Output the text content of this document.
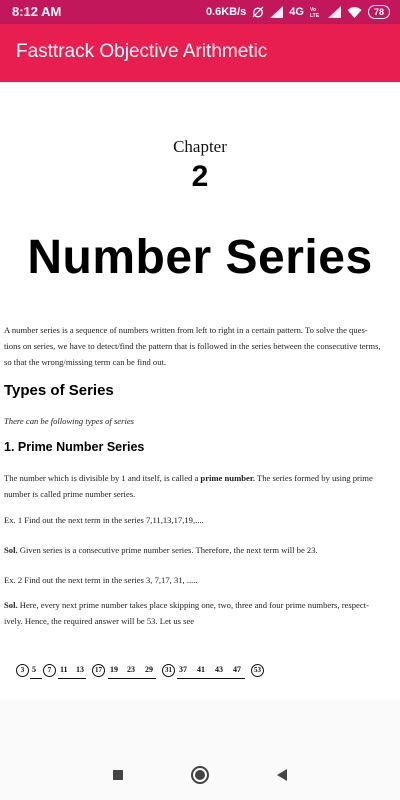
8:12 AM	0.6KB/s	4G Vo
LTE	78
Fasttrack Objective Arithmetic
Chapter
2
Number Series
A number series is a sequence of numbers written from left to right in a certain pattern. To solve the ques-
tions on series, we have to detect/find the pattern that is followed in the series between the consecutive terms,
so that the wrong/missing term can be find out.
Types of Series
There can be following types of series
1. Prime Number Series
The number which is divisible by 1 and itself, is called a prime number. The series formed by using prime
number is called prime number series.
Ex. 1 Find out the next term in the series 7,11,13,17,19,....
Sol. Given series is a consecutive prime number series. Therefore, the next term will be 23.
Ex. 2 Find out the next term in the series 3, 7,17, 31, .....
Sol. Here, every next prime number takes place skipping one, two, three and four prime numbers, respect-
ively. Hence, the required answer will be 53. Let us see
3 5	7	11 13	17	19 23 29	31 37 41 43 47	53
